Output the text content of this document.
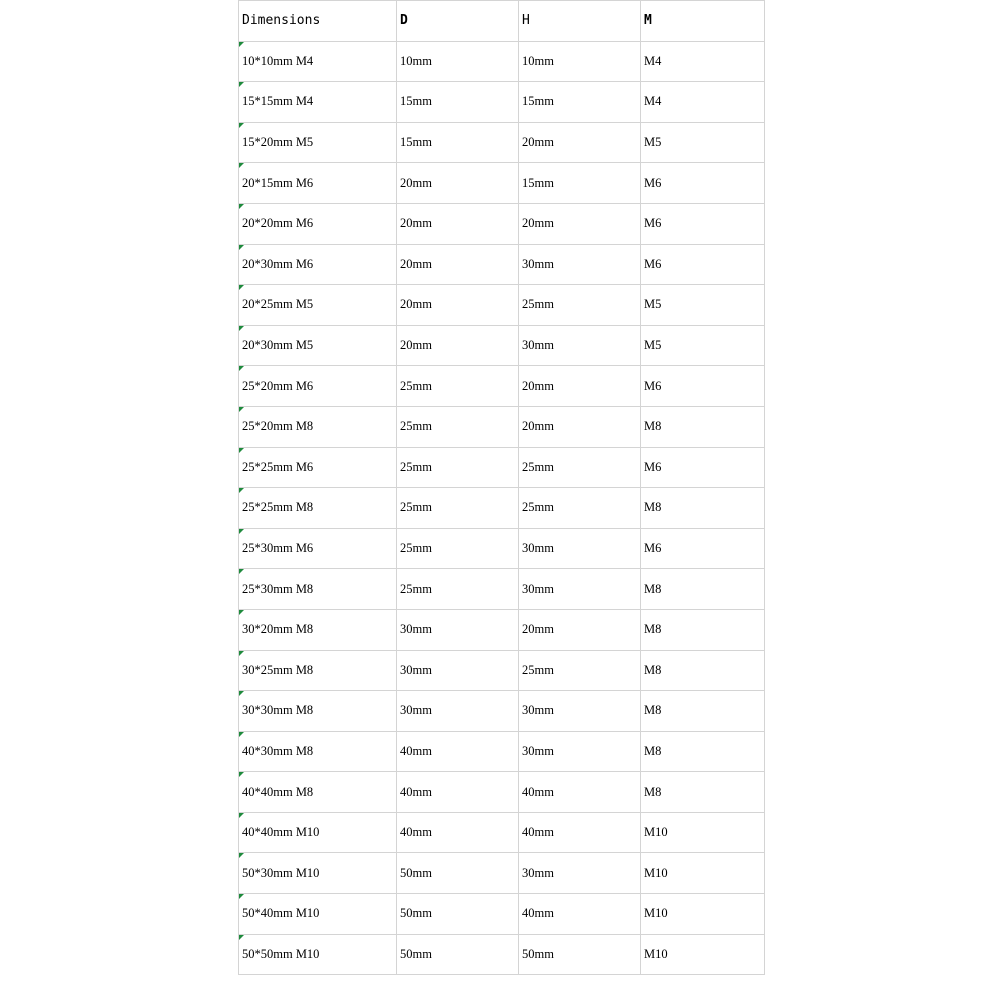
Dimensions	D	H	M
10*10mm M4	10mm	10mm	M4
15*15mm M4	15mm	15mm	M4
15*20mm M5	15mm	20mm	M5
20*15mm M6	20mm	15mm	M6
20*20mm M6	20mm	20mm	M6
20*30mm M6	20mm	30mm	M6
20*25mm M5	20mm	25mm	M5
20*30mm M5	20mm	30mm	M5
25*20mm M6	25mm	20mm	M6
25*20mm M8	25mm	20mm	M8
25*25mm M6	25mm	25mm	M6
25*25mm M8	25mm	25mm	M8
25*30mm M6	25mm	30mm	M6
25*30mm M8	25mm	30mm	M8
30*20mm M8	30mm	20mm	M8
30*25mm M8	30mm	25mm	M8
30*30mm M8	30mm	30mm	M8
40*30mm M8	40mm	30mm	M8
40*40mm M8	40mm	40mm	M8
40*40mm M10	40mm	40mm	M10
50*30mm M10	50mm	30mm	M10
50*40mm M10	50mm	40mm	M10
50*50mm M10	50mm	50mm	M10
